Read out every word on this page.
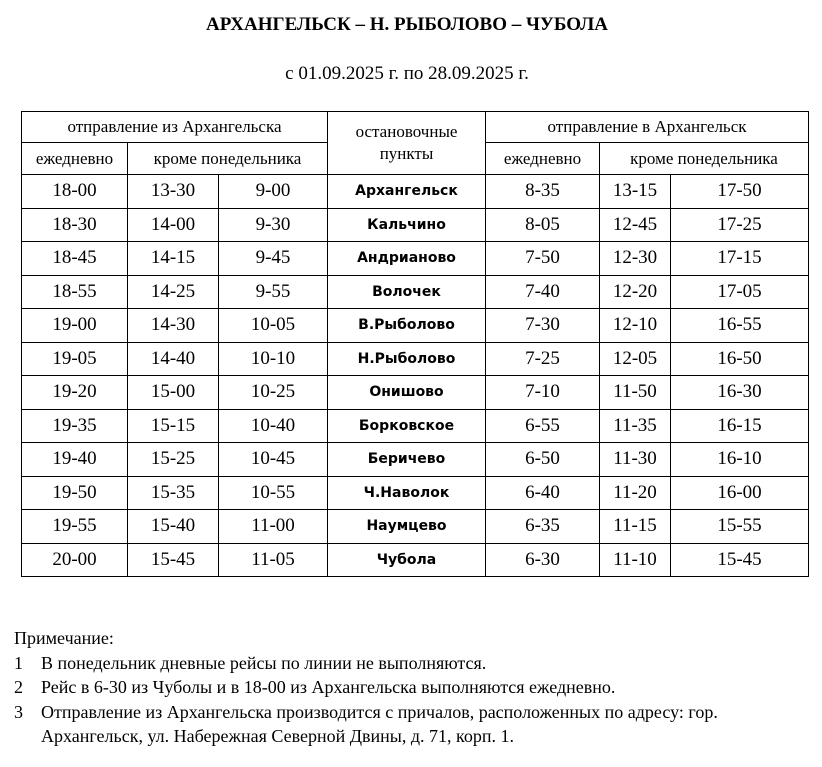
АРХАНГЕЛЬСК – Н. РЫБОЛОВО – ЧУБОЛА
с 01.09.2025 г. по 28.09.2025 г.
отправление из Архангельска			остановочные пункты	отправление в Архангельск		
ежедневно	кроме понедельника			ежедневно	кроме понедельника	
18-00	13-30	9-00	Архангельск	8-35	13-15	17-50
18-30	14-00	9-30	Кальчино	8-05	12-45	17-25
18-45	14-15	9-45	Андрианово	7-50	12-30	17-15
18-55	14-25	9-55	Волочек	7-40	12-20	17-05
19-00	14-30	10-05	В.Рыболово	7-30	12-10	16-55
19-05	14-40	10-10	Н.Рыболово	7-25	12-05	16-50
19-20	15-00	10-25	Онишово	7-10	11-50	16-30
19-35	15-15	10-40	Борковское	6-55	11-35	16-15
19-40	15-25	10-45	Беричево	6-50	11-30	16-10
19-50	15-35	10-55	Ч.Наволок	6-40	11-20	16-00
19-55	15-40	11-00	Наумцево	6-35	11-15	15-55
20-00	15-45	11-05	Чубола	6-30	11-10	15-45
Примечание:
1	В понедельник дневные рейсы по линии не выполняются.
2	Рейс в 6-30 из Чуболы и в 18-00 из Архангельска выполняются ежедневно.
3	Отправление из Архангельска производится с причалов, расположенных по адресу: гор. Архангельск, ул. Набережная Северной Двины, д. 71, корп. 1.
